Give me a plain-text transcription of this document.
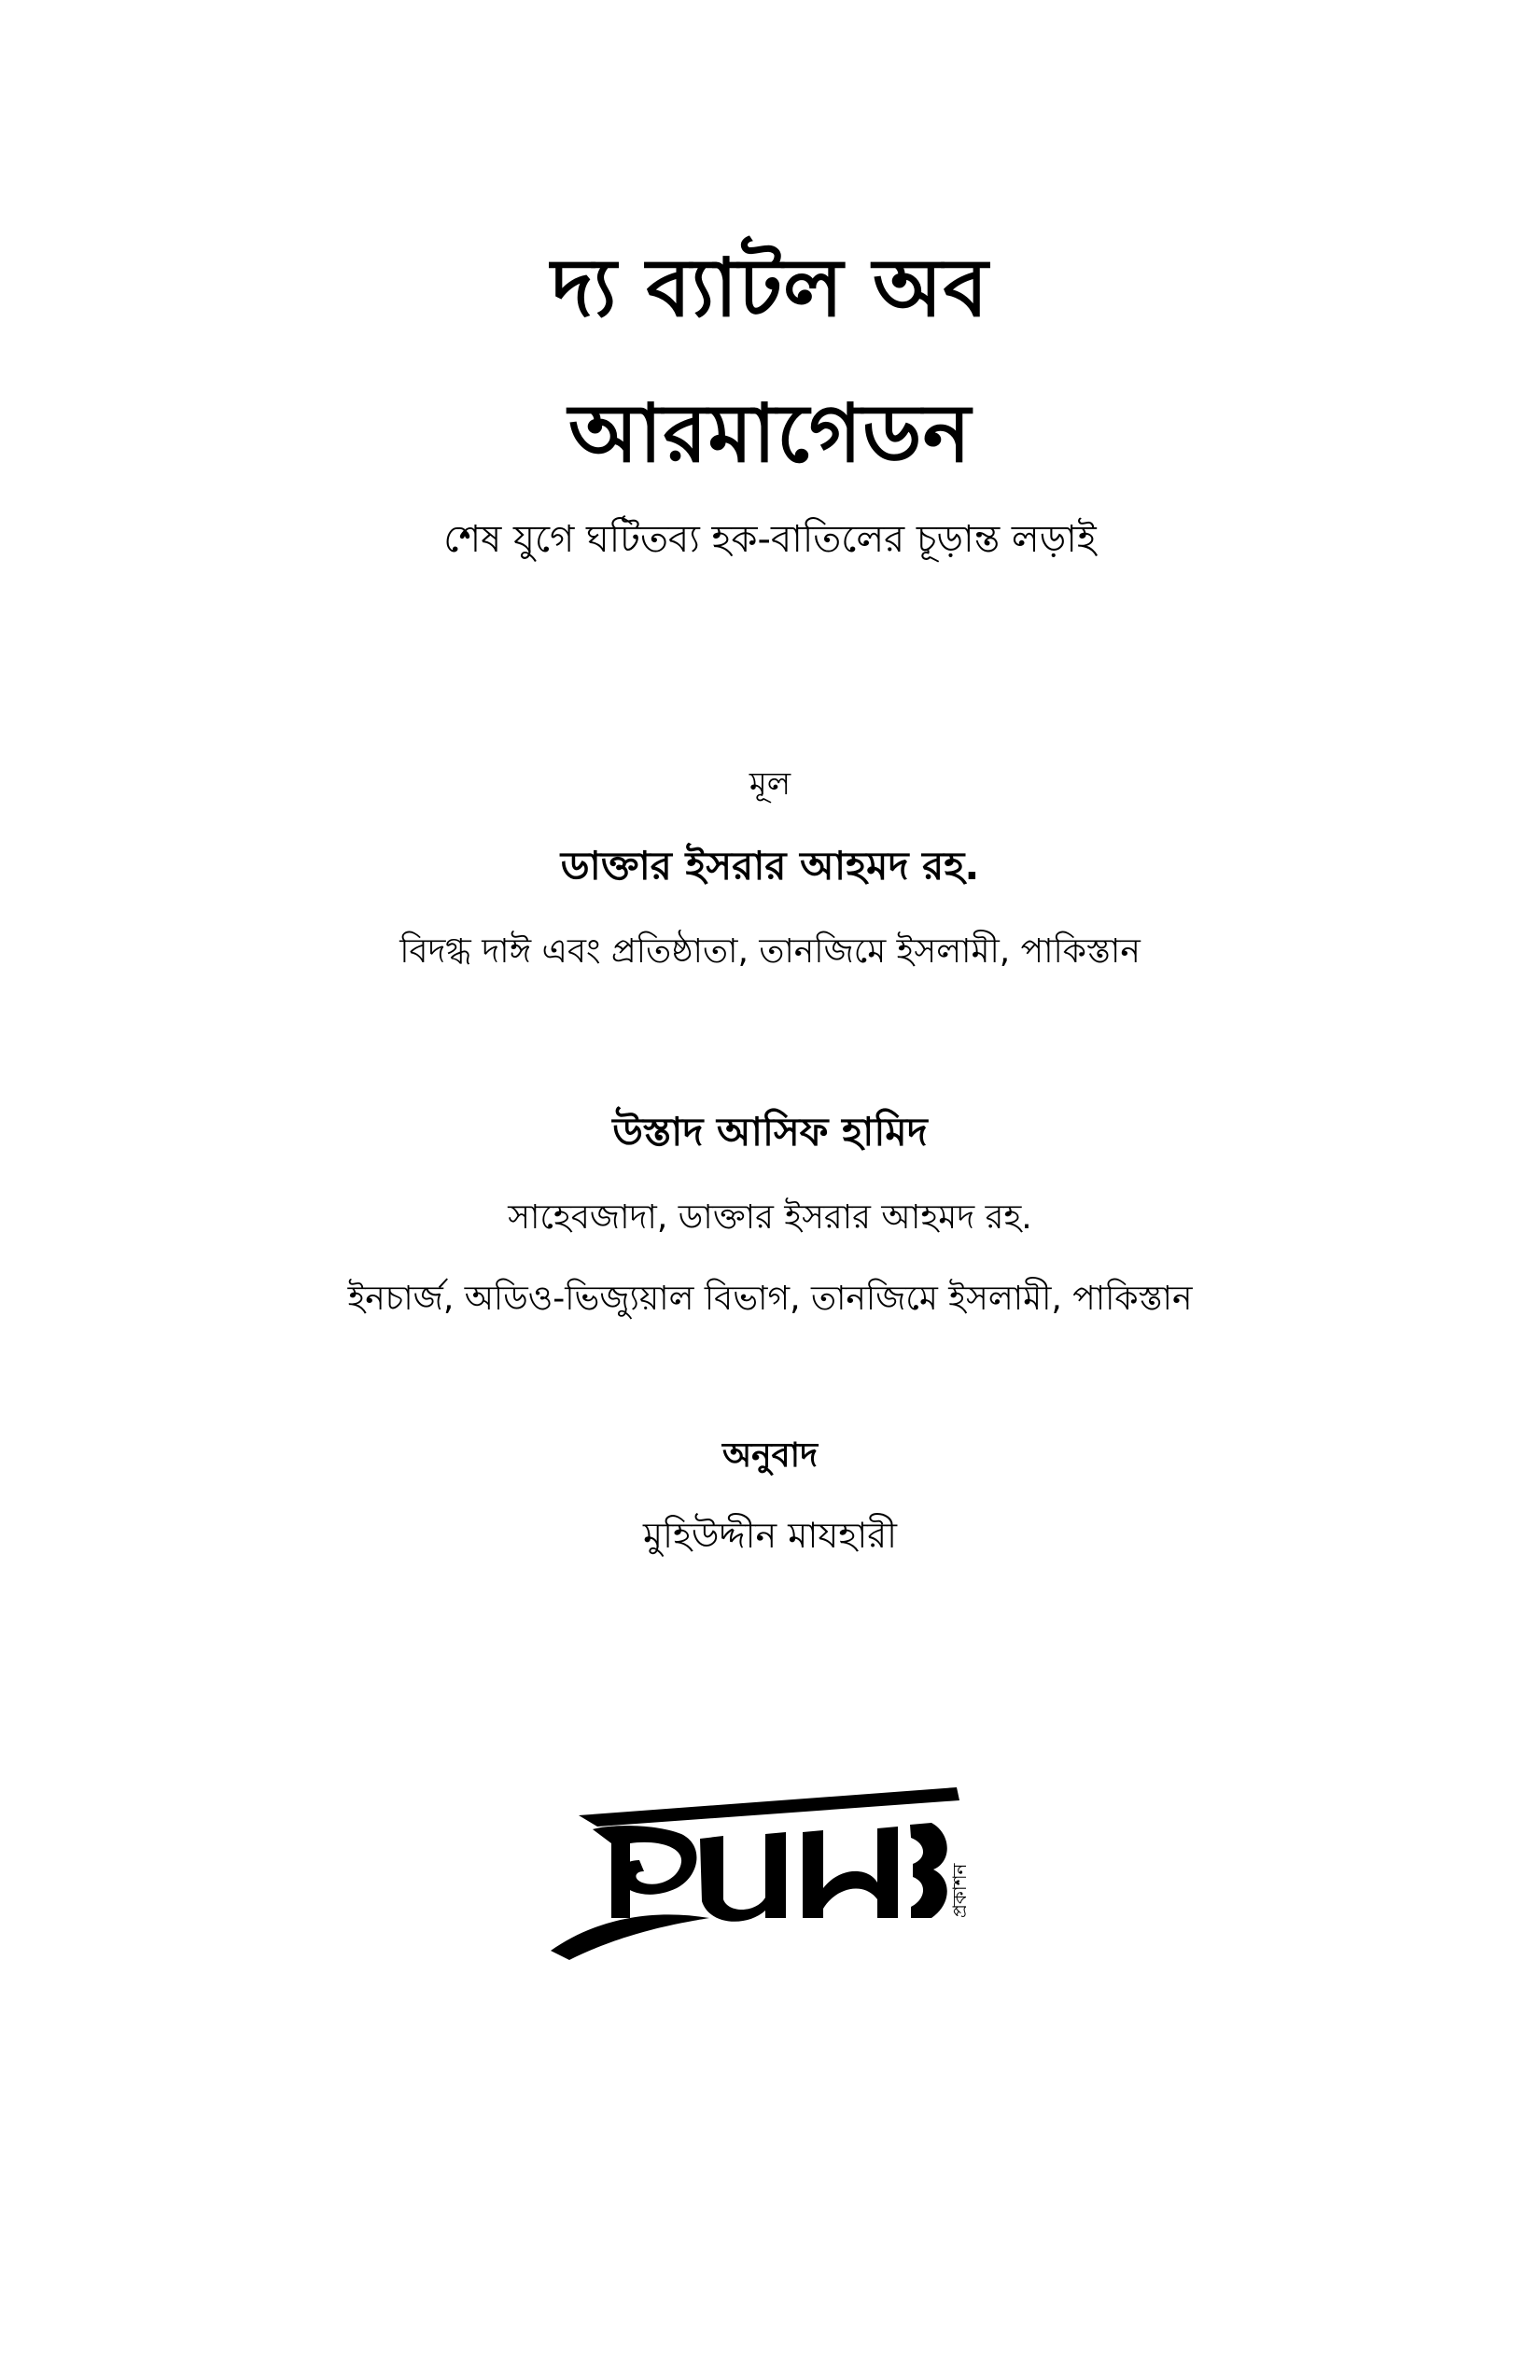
দ্য ব্যাটল অব
আরমাগেডন
শেষ যুগে ঘটিতব্য হক-বাতিলের চূড়ান্ত লড়াই
মূল
ডাক্তার ইসরার আহমদ রহ.
বিদগ্ধ দাঈ এবং প্রতিষ্ঠাতা, তানজিমে ইসলামী, পাকিস্তান
উস্তাদ আসিফ হামিদ
সাহেবজাদা, ডাক্তার ইসরার আহমদ রহ.
ইনচার্জ, অডিও-ভিজ্যুয়াল বিভাগ, তানজিমে ইসলামী, পাকিস্তান
অনুবাদ
মুহিউদ্দীন মাযহারী
প্রকাশন
